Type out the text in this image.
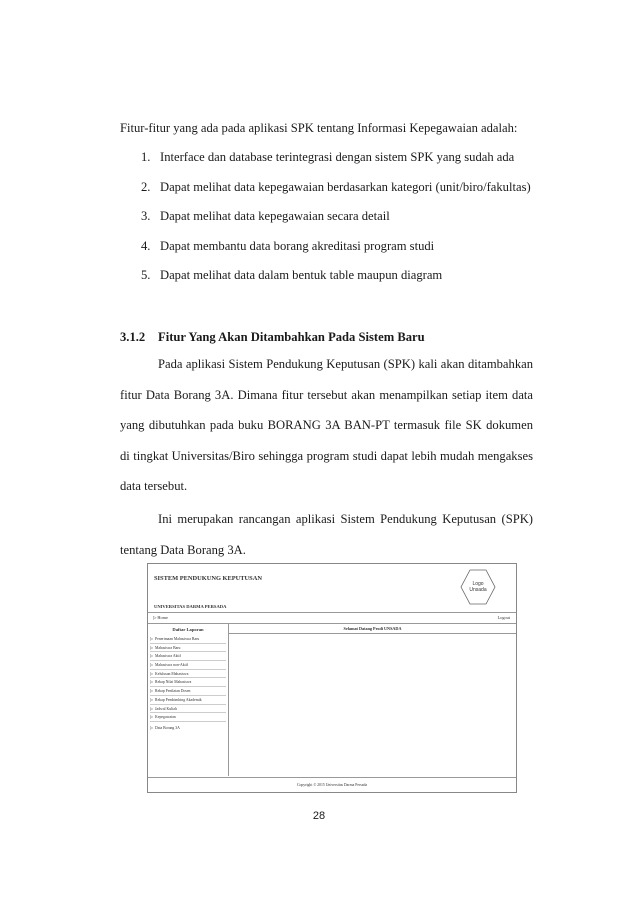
Fitur-fitur yang ada pada aplikasi SPK tentang Informasi Kepegawaian adalah:
1. Interface dan database terintegrasi dengan sistem SPK yang sudah ada
2. Dapat melihat data kepegawaian berdasarkan kategori (unit/biro/fakultas)
3. Dapat melihat data kepegawaian secara detail
4. Dapat membantu data borang akreditasi program studi
5. Dapat melihat data dalam bentuk table maupun diagram
3.1.2 Fitur Yang Akan Ditambahkan Pada Sistem Baru

Pada aplikasi Sistem Pendukung Keputusan (SPK) kali akan ditambahkan fitur Data Borang 3A. Dimana fitur tersebut akan menampilkan setiap item data yang dibutuhkan pada buku BORANG 3A BAN-PT termasuk file SK dokumen di tingkat Universitas/Biro sehingga program studi dapat lebih mudah mengakses data tersebut.

Ini merupakan rancangan aplikasi Sistem Pendukung Keputusan (SPK) tentang Data Borang 3A.

SISTEM PENDUKUNG KEPUTUSAN
UNIVERSITAS DARMA PERSADA
Logo
Unsada
▷ Home	Logout
Daftar Laporan
▷ Penerimaan Mahasiswa Baru
▷ Mahasiswa Baru
▷ Mahasiswa Aktif
▷ Mahasiswa non-Aktif
▷ Kelulusan Mahasiswa
▷ Rekap Nilai Mahasiswa
▷ Rekap Penilaian Dosen
▷ Rekap Pembimbing Akademik
▷ Jadwal Kuliah
▷ Kepegawaian
▷ Data Borang 3A
Selamat Datang Prodi UNSADA
Copyright © 2015 Universitas Darma Persada
28
